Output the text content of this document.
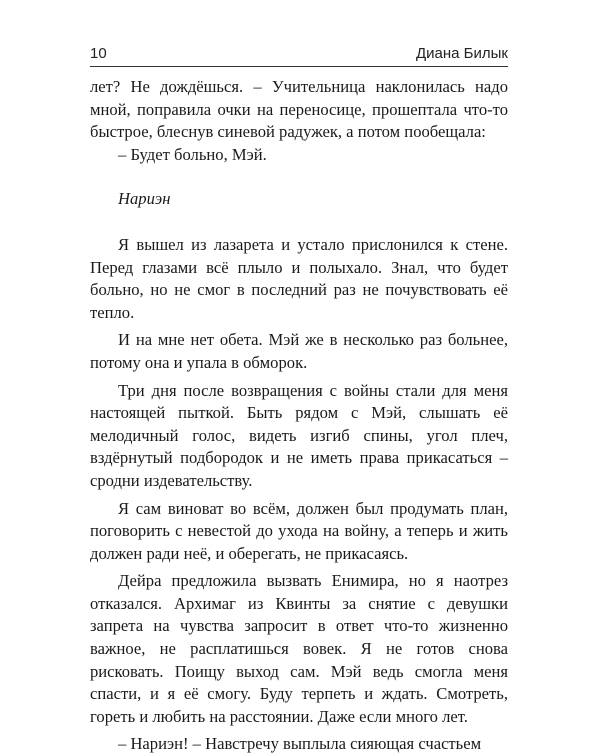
10	Диана Билык

лет? Не дождёшься. – Учительница наклонилась надо мной, поправила очки на переносице, прошептала что-то быстрое, блеснув синевой радужек, а потом пообещала:

– Будет больно, Мэй.

Нариэн

Я вышел из лазарета и устало прислонился к стене. Перед глазами всё плыло и полыхало. Знал, что будет больно, но не смог в последний раз не почувствовать её тепло.

И на мне нет обета. Мэй же в несколько раз больнее, потому она и упала в обморок.

Три дня после возвращения с войны стали для меня настоящей пыткой. Быть рядом с Мэй, слышать её мелодичный голос, видеть изгиб спины, угол плеч, вздёрнутый подбородок и не иметь права прикасаться – сродни издевательству.

Я сам виноват во всём, должен был продумать план, поговорить с невестой до ухода на войну, а теперь и жить должен ради неё, и оберегать, не прикасаясь.

Дейра предложила вызвать Енимира, но я наотрез отказался. Архимаг из Квинты за снятие с девушки запрета на чувства запросит в ответ что-то жизненно важное, не расплатишься вовек. Я не готов снова рисковать. Поищу выход сам. Мэй ведь смогла меня спасти, и я её смогу. Буду терпеть и ждать. Смотреть, гореть и любить на расстоянии. Даже если много лет.

– Нариэн! – Навстречу выплыла сияющая счастьем
